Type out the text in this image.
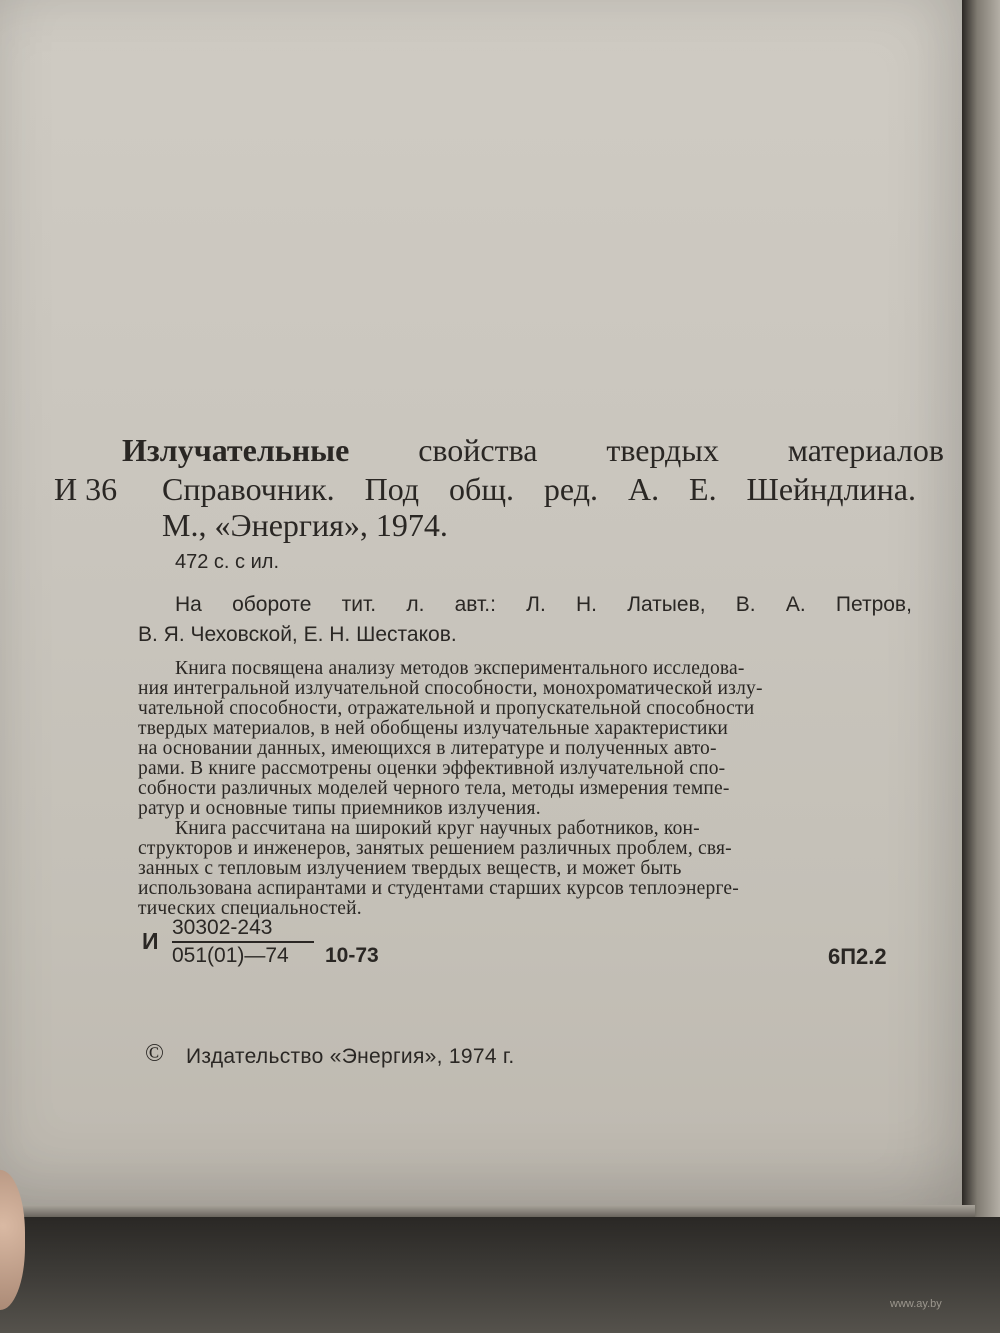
Излучательные свойства твердых материалов
И 36 Справочник. Под общ. ред. А. Е. Шейндлина.
М., «Энергия», 1974.
472 с. с ил.
На обороте тит. л. авт.: Л. Н. Латыев, В. А. Петров,
В. Я. Чеховской, Е. Н. Шестаков.
Книга посвящена анализу методов экспериментального исследова-
ния интегральной излучательной способности, монохроматической излу-
чательной способности, отражательной и пропускательной способности
твердых материалов, в ней обобщены излучательные характеристики
на основании данных, имеющихся в литературе и полученных авто-
рами. В книге рассмотрены оценки эффективной излучательной спо-
собности различных моделей черного тела, методы измерения темпе-
ратур и основные типы приемников излучения.
Книга рассчитана на широкий круг научных работников, кон-
структоров и инженеров, занятых решением различных проблем, свя-
занных с тепловым излучением твердых веществ, и может быть
использована аспирантами и студентами старших курсов теплоэнерге-
тических специальностей.
И
30302-243
051(01)—74 10-73	6П2.2
© Издательство «Энергия», 1974 г.
www.ay.by
